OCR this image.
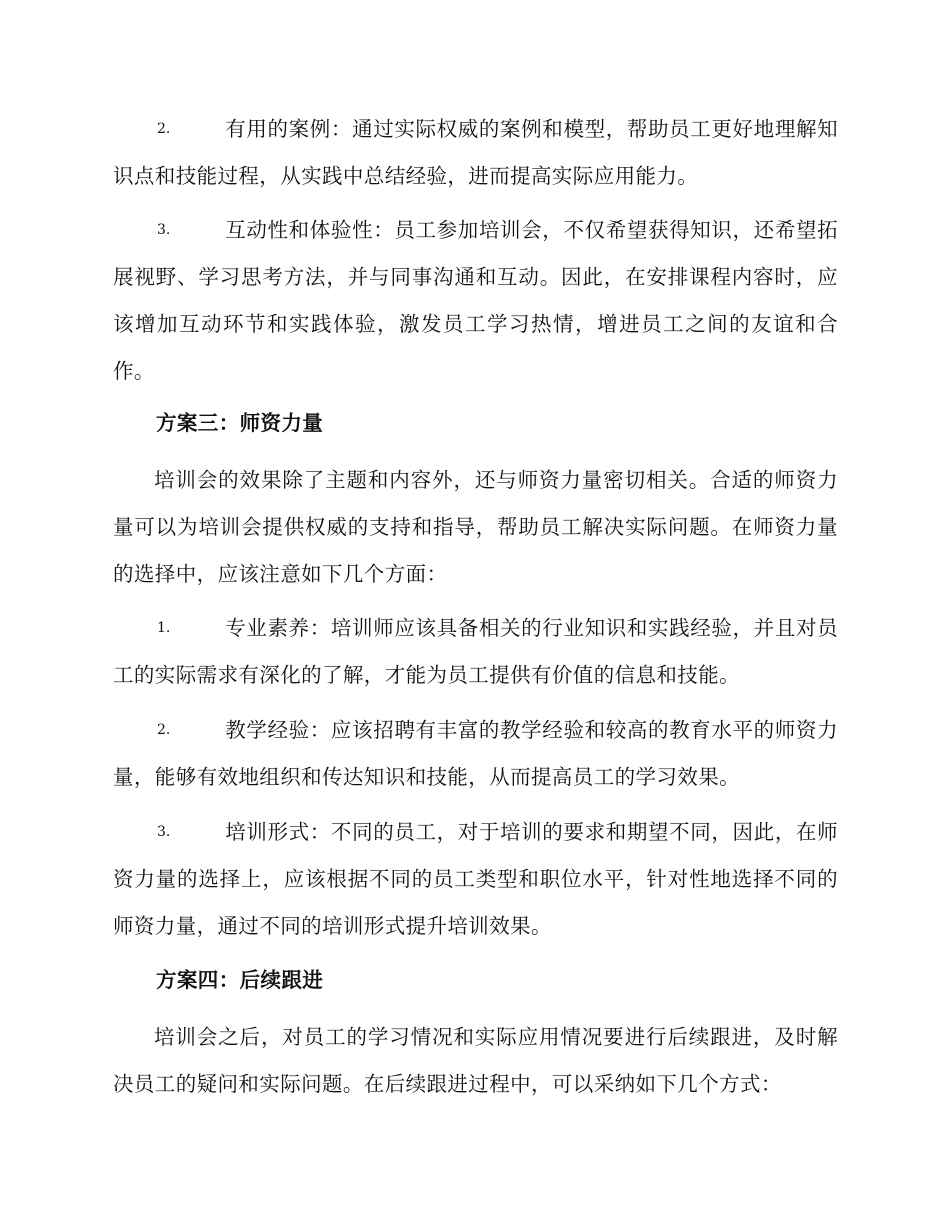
2.	有用的案例：通过实际权威的案例和模型，帮助员工更好地理解知识点和技能过程，从实践中总结经验，进而提高实际应用能力。
3.	互动性和体验性：员工参加培训会，不仅希望获得知识，还希望拓展视野、学习思考方法，并与同事沟通和互动。因此，在安排课程内容时，应该增加互动环节和实践体验，激发员工学习热情，增进员工之间的友谊和合作。
方案三：师资力量
培训会的效果除了主题和内容外，还与师资力量密切相关。合适的师资力量可以为培训会提供权威的支持和指导，帮助员工解决实际问题。在师资力量的选择中，应该注意如下几个方面：
1.	专业素养：培训师应该具备相关的行业知识和实践经验，并且对员工的实际需求有深化的了解，才能为员工提供有价值的信息和技能。
2.	教学经验：应该招聘有丰富的教学经验和较高的教育水平的师资力量，能够有效地组织和传达知识和技能，从而提高员工的学习效果。
3.	培训形式：不同的员工，对于培训的要求和期望不同，因此，在师资力量的选择上，应该根据不同的员工类型和职位水平，针对性地选择不同的师资力量，通过不同的培训形式提升培训效果。
方案四：后续跟进
培训会之后，对员工的学习情况和实际应用情况要进行后续跟进，及时解决员工的疑问和实际问题。在后续跟进过程中，可以采纳如下几个方式：
